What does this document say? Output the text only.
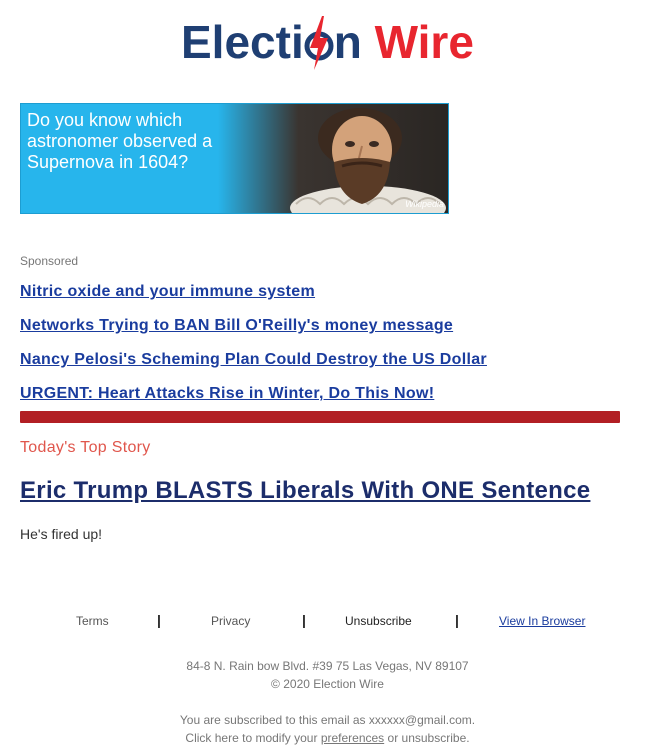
Electi n Wire
Do you know which astronomer observed a Supernova in 1604?
Wikipedia
Sponsored
Nitric oxide and your immune system
Networks Trying to BAN Bill O'Reilly's money message
Nancy Pelosi's Scheming Plan Could Destroy the US Dollar
URGENT: Heart Attacks Rise in Winter, Do This Now!
Today's Top Story
Eric Trump BLASTS Liberals With ONE Sentence
He's fired up!
Terms	|	Privacy	|	Unsubscribe	|	View In Browser
84-8 N. Rain bow Blvd. #39 75 Las Vegas, NV 89107
© 2020 Election Wire
You are subscribed to this email as xxxxxx@gmail.com.
Click here to modify your preferences or unsubscribe.
